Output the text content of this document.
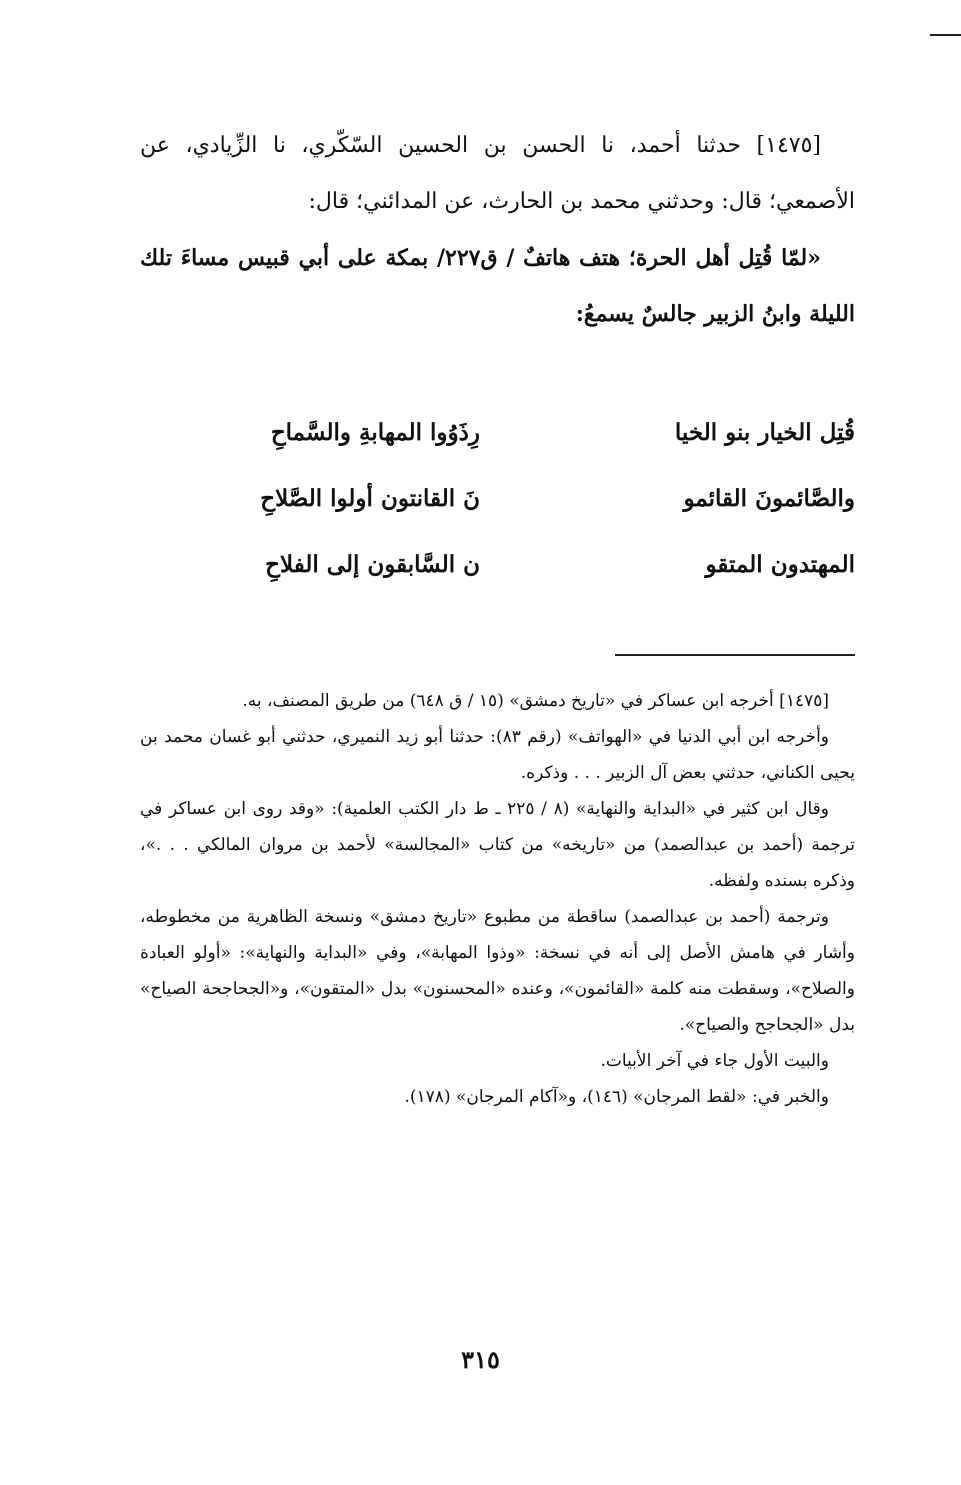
[١٤٧٥] حدثنا أحمد، نا الحسن بن الحسين السّكّري، نا الزِّيادي، عن الأصمعي؛ قال: وحدثني محمد بن الحارث، عن المدائني؛ قال:

«لمّا قُتِل أهل الحرة؛ هتف هاتفٌ / ق٢٢٧/ بمكة على أبي قبيس مساءَ تلك الليلة وابنُ الزبير جالسٌ يسمعُ:

قُتِل الخيار بنو الخيا
رِذَوُوا المهابةِ والسَّماحِ
والصَّائمونَ القائمو
نَ القانتون أولوا الصَّلاحِ
المهتدون المتقو
ن السَّابقون إلى الفلاحِ

[١٤٧٥] أخرجه ابن عساكر في «تاريخ دمشق» (١٥ / ق ٦٤٨) من طريق المصنف، به.

وأخرجه ابن أبي الدنيا في «الهواتف» (رقم ٨٣): حدثنا أبو زيد النميري، حدثني أبو غسان محمد بن يحيى الكناني، حدثني بعض آل الزبير . . . وذكره.

وقال ابن كثير في «البداية والنهاية» (٨ / ٢٢٥ ـ ط دار الكتب العلمية): «وقد روى ابن عساكر في ترجمة (أحمد بن عبدالصمد) من «تاريخه» من كتاب «المجالسة» لأحمد بن مروان المالكي . . .»، وذكره بسنده ولفظه.

وترجمة (أحمد بن عبدالصمد) ساقطة من مطبوع «تاريخ دمشق» ونسخة الظاهرية من مخطوطه، وأشار في هامش الأصل إلى أنه في نسخة: «وذوا المهابة»، وفي «البداية والنهاية»: «أولو العبادة والصلاح»، وسقطت منه كلمة «القائمون»، وعنده «المحسنون» بدل «المتقون»، و«الجحاجحة الصياح» بدل «الجحاجح والصياح».

والبيت الأول جاء في آخر الأبيات.

والخبر في: «لقط المرجان» (١٤٦)، و«آكام المرجان» (١٧٨).

٣١٥
